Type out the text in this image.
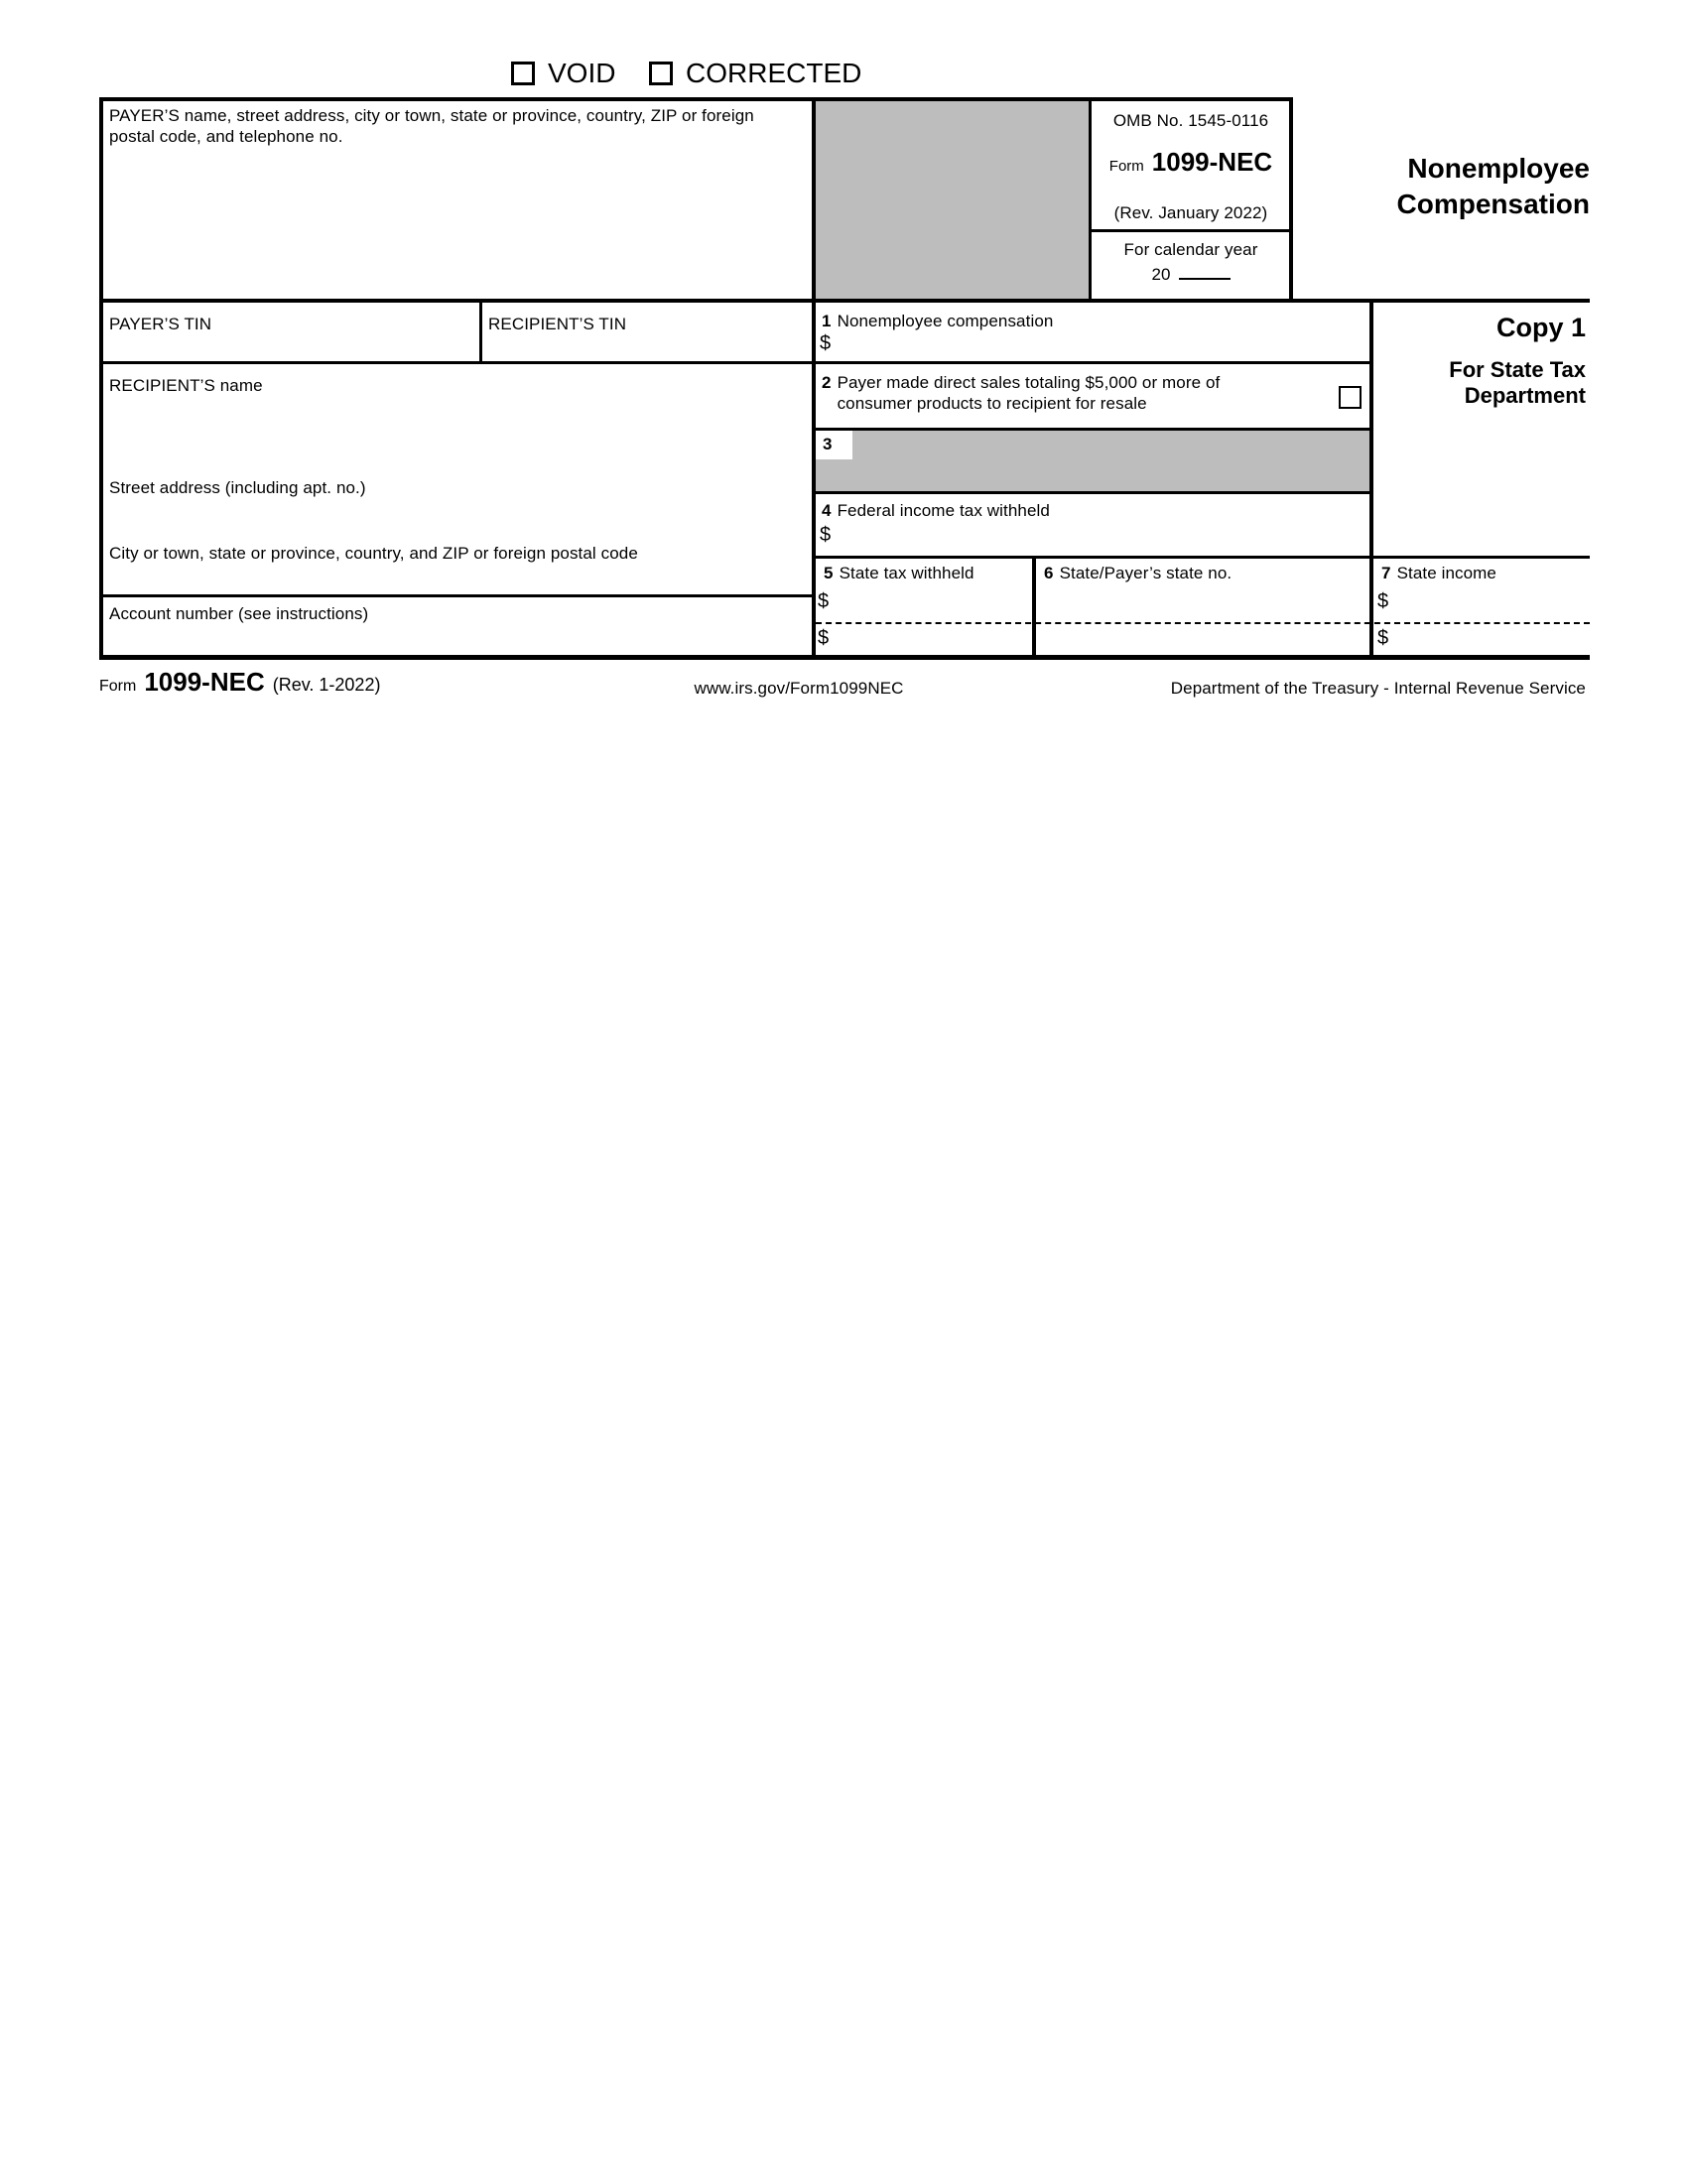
VOID	CORRECTED
PAYER’S name, street address, city or town, state or province, country, ZIP or foreign postal code, and telephone no.
OMB No. 1545-0116
Form 1099-NEC
(Rev. January 2022)
For calendar year
20
Nonemployee
Compensation
Copy 1
For State Tax
Department
PAYER’S TIN	RECIPIENT’S TIN	1 Nonemployee compensation
$
2 Payer made direct sales totaling $5,000 or more of consumer products to recipient for resale
3
4 Federal income tax withheld
$
5 State tax withheld
$
$
6 State/Payer’s state no.	7 State income
$
$
RECIPIENT’S name
Street address (including apt. no.)
City or town, state or province, country, and ZIP or foreign postal code
Account number (see instructions)
Form 1099-NEC (Rev. 1-2022)	www.irs.gov/Form1099NEC	Department of the Treasury - Internal Revenue Service
